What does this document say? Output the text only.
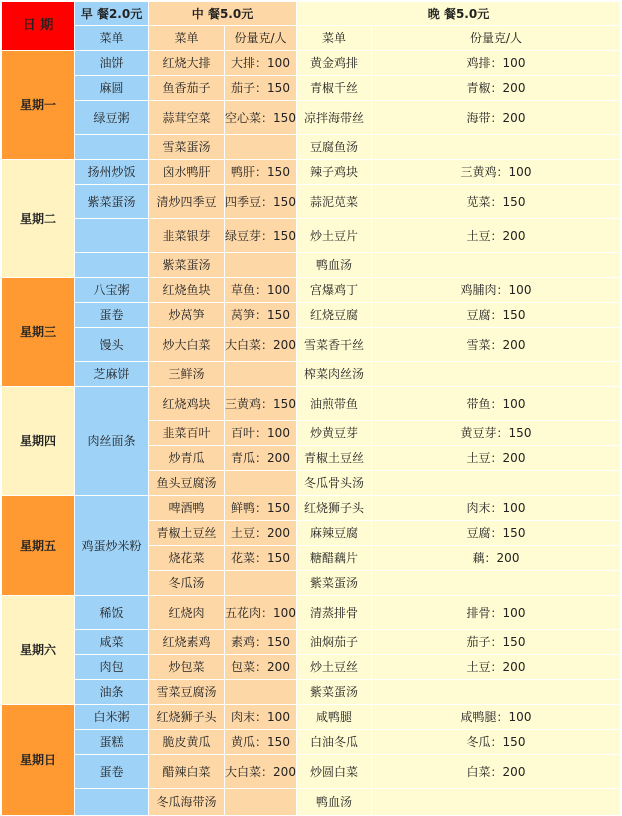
日 期	早 餐2.0元	中 餐5.0元		晚 餐5.0元	
	菜单	菜单	份量克/人	菜单	份量克/人
星期一	油饼	红烧大排	大排：100	黄金鸡排	鸡排：100
	麻圆	鱼香茄子	茄子：150	青椒千丝	青椒：200
	绿豆粥	蒜茸空菜	空心菜：150	凉拌海带丝	海带：200
		雪菜蛋汤		豆腐鱼汤	
星期二	扬州炒饭	囟水鸭肝	鸭肝：150	辣子鸡块	三黄鸡：100
	紫菜蛋汤	清炒四季豆	四季豆：150	蒜泥苋菜	苋菜：150
		韭菜银芽	绿豆芽：150	炒土豆片	土豆：200
		紫菜蛋汤		鸭血汤	
星期三	八宝粥	红烧鱼块	草鱼：100	宫爆鸡丁	鸡脯肉：100
	蛋卷	炒莴笋	莴笋：150	红烧豆腐	豆腐：150
	馒头	炒大白菜	大白菜：200	雪菜香干丝	雪菜：200
	芝麻饼	三鲜汤		榨菜肉丝汤	
星期四	肉丝面条	红烧鸡块	三黄鸡：150	油煎带鱼	带鱼：100
		韭菜百叶	百叶：100	炒黄豆芽	黄豆芽：150
		炒青瓜	青瓜：200	青椒土豆丝	土豆：200
		鱼头豆腐汤		冬瓜骨头汤	
星期五	鸡蛋炒米粉	啤酒鸭	鲜鸭：150	红烧狮子头	肉末：100
		青椒土豆丝	土豆：200	麻辣豆腐	豆腐：150
		烧花菜	花菜：150	糖醋藕片	藕：200
		冬瓜汤		紫菜蛋汤	
星期六	稀饭	红烧肉	五花肉：100	清蒸排骨	排骨：100
	咸菜	红烧素鸡	素鸡：150	油焖茄子	茄子：150
	肉包	炒包菜	包菜：200	炒土豆丝	土豆：200
	油条	雪菜豆腐汤		紫菜蛋汤	
星期日	白米粥	红烧狮子头	肉末：100	咸鸭腿	咸鸭腿：100
	蛋糕	脆皮黄瓜	黄瓜：150	白油冬瓜	冬瓜：150
	蛋卷	醋辣白菜	大白菜：200	炒圆白菜	白菜：200
		冬瓜海带汤		鸭血汤	
